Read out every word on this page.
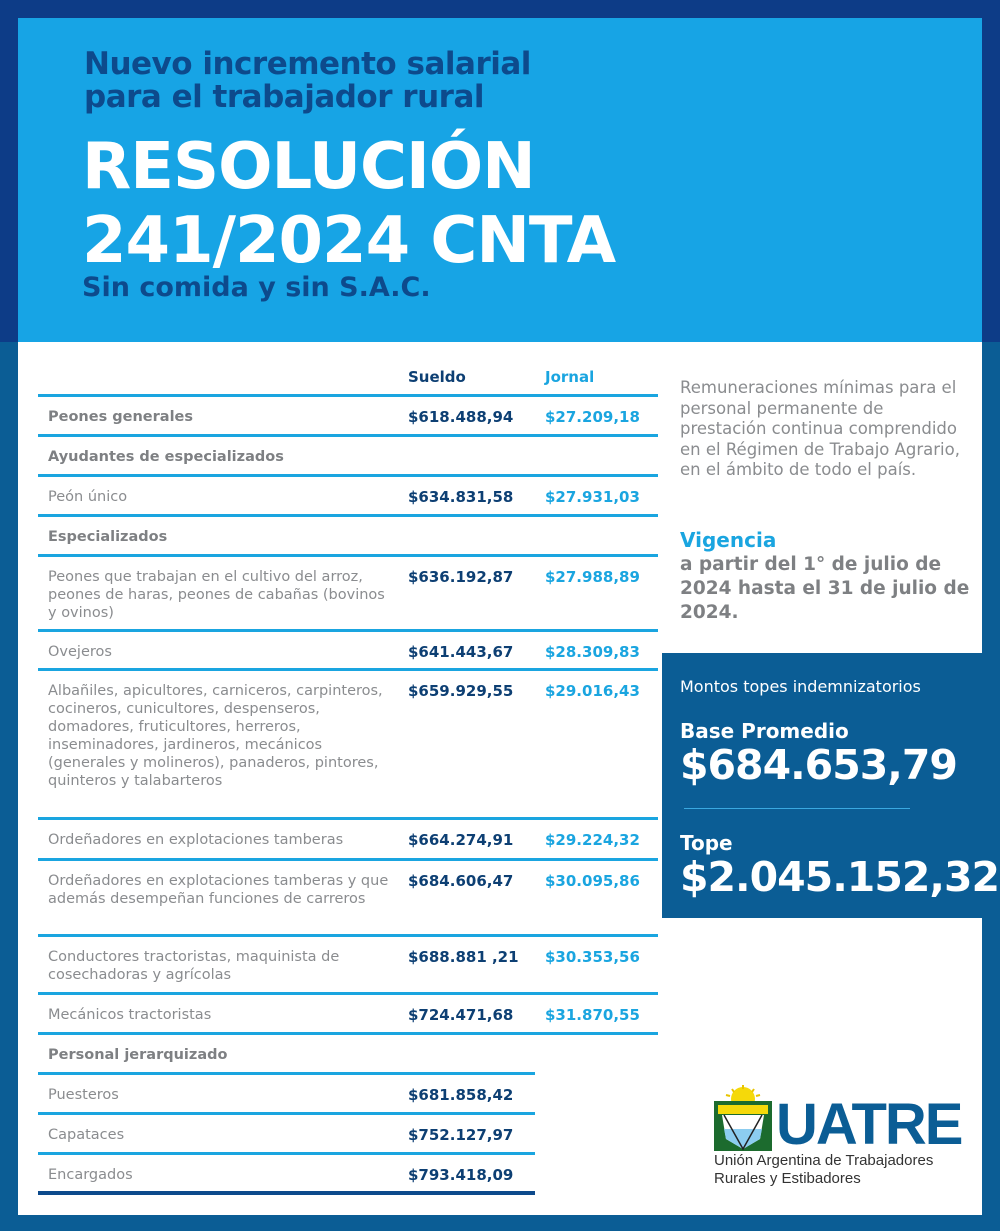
Nuevo incremento salarial
para el trabajador rural
RESOLUCIÓN
241/2024 CNTA
Sin comida y sin S.A.C.
Sueldo	Jornal
Peones generales	$618.488,94 $27.209,18
Ayudantes de especializados
Peón único	$634.831,58 $27.931,03
Especializados
Peones que trabajan en el cultivo del arroz, peones de haras, peones de cabañas (bovinos y ovinos)
$636.192,87 $27.988,89
Ovejeros	$641.443,67 $28.309,83
Albañiles, apicultores, carniceros, carpinteros, cocineros, cunicultores, despenseros, domadores, fruticultores, herreros, inseminadores, jardineros, mecánicos (generales y molineros), panaderos, pintores, quinteros y talabarteros
$659.929,55 $29.016,43
Ordeñadores en explotaciones tamberas	$664.274,91 $29.224,32
Ordeñadores en explotaciones tamberas y que además desempeñan funciones de carreros
$684.606,47 $30.095,86
Conductores tractoristas, maquinista de cosechadoras y agrícolas
$688.881 ,21 $30.353,56
Mecánicos tractoristas	$724.471,68 $31.870,55
Personal jerarquizado
Puesteros	$681.858,42
Capataces	$752.127,97
Encargados	$793.418,09
Remuneraciones mínimas para el personal permanente de prestación continua comprendido en el Régimen de Trabajo Agrario, en el ámbito de todo el país.
Vigencia
a partir del 1° de julio de 2024 hasta el 31 de julio de 2024.
Montos topes indemnizatorios
Base Promedio
$684.653,79
Tope
$2.045.152,32
UATRE
Unión Argentina de Trabajadores
Rurales y Estibadores
